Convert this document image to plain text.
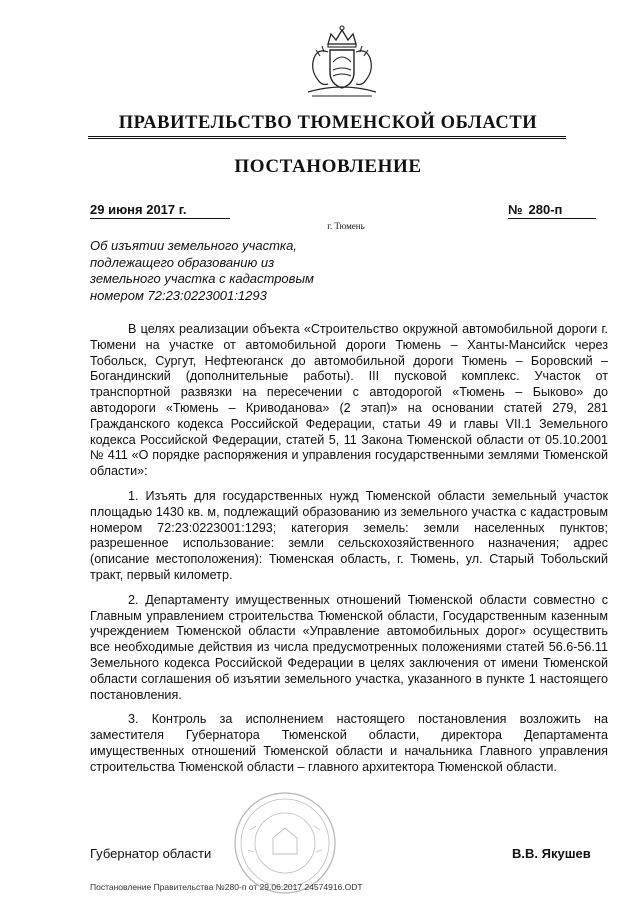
ПРАВИТЕЛЬСТВО ТЮМЕНСКОЙ ОБЛАСТИ
ПОСТАНОВЛЕНИЕ
29 июня 2017 г.	№ 280-п
г. Тюмень
Об изъятии земельного участка,
подлежащего образованию из
земельного участка с кадастровым
номером 72:23:0223001:1293

В целях реализации объекта «Строительство окружной автомобильной дороги г. Тюмени на участке от автомобильной дороги Тюмень – Ханты-Мансийск через Тобольск, Сургут, Нефтеюганск до автомобильной дороги Тюмень – Боровский – Богандинский (дополнительные работы). III пусковой комплекс. Участок от транспортной развязки на пересечении с автодорогой «Тюмень – Быково» до автодороги «Тюмень – Криводанова» (2 этап)» на основании статей 279, 281 Гражданского кодекса Российской Федерации, статьи 49 и главы VII.1 Земельного кодекса Российской Федерации, статей 5, 11 Закона Тюменской области от 05.10.2001 № 411 «О порядке распоряжения и управления государственными землями Тюменской области»:

1. Изъять для государственных нужд Тюменской области земельный участок площадью 1430 кв. м, подлежащий образованию из земельного участка с кадастровым номером 72:23:0223001:1293; категория земель: земли населенных пунктов; разрешенное использование: земли сельскохозяйственного назначения; адрес (описание местоположения): Тюменская область, г. Тюмень, ул. Старый Тобольский тракт, первый километр.

2. Департаменту имущественных отношений Тюменской области совместно с Главным управлением строительства Тюменской области, Государственным казенным учреждением Тюменской области «Управление автомобильных дорог» осуществить все необходимые действия из числа предусмотренных положениями статей 56.6-56.11 Земельного кодекса Российской Федерации в целях заключения от имени Тюменской области соглашения об изъятии земельного участка, указанного в пункте 1 настоящего постановления.

3. Контроль за исполнением настоящего постановления возложить на заместителя Губернатора Тюменской области, директора Департамента имущественных отношений Тюменской области и начальника Главного управления строительства Тюменской области – главного архитектора Тюменской области.

Губернатор области	В.В. Якушев
Постановление Правительства №280-п от 29.06.2017 24574916.ODT
